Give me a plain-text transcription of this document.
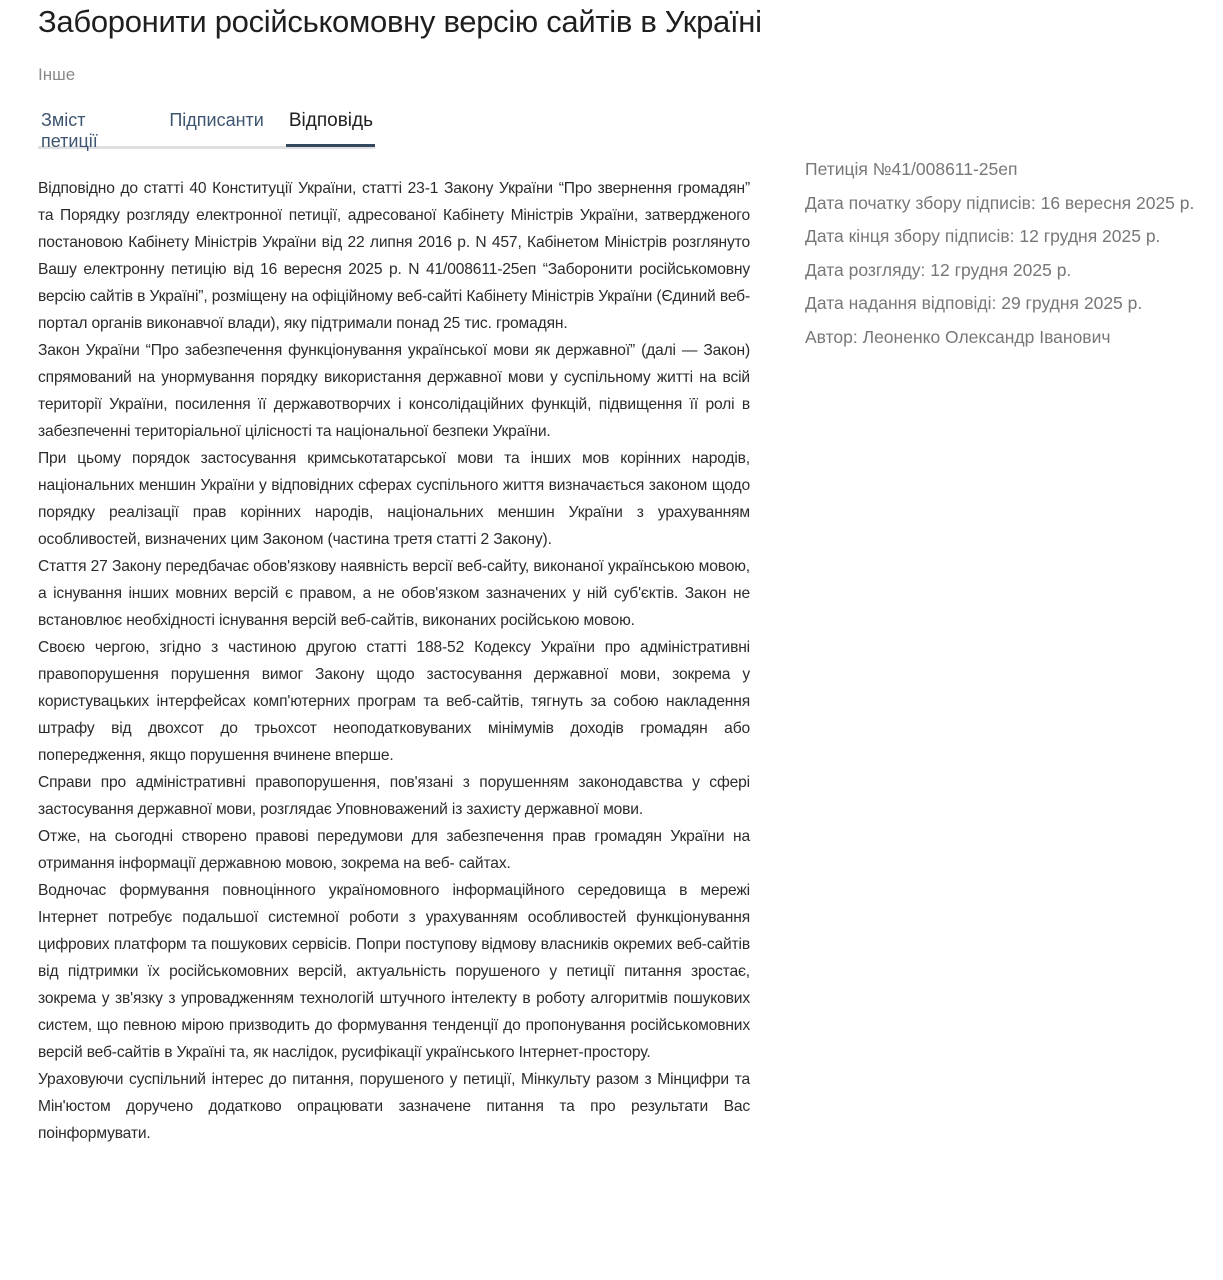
Заборонити російськомовну версію сайтів в Україні
Інше
Зміст петиції
Підписанти Відповідь

Відповідно до статті 40 Конституції України, статті 23-1 Закону України “Про звернення громадян” та Порядку розгляду електронної петиції, адресованої Кабінету Міністрів України, затвердженого постановою Кабінету Міністрів України від 22 липня 2016 р. N 457, Кабінетом Міністрів розглянуто Вашу електронну петицію від 16 вересня 2025 р. N 41/008611-25еп “Заборонити російськомовну версію сайтів в Україні”, розміщену на офіційному веб-сайті Кабінету Міністрів України (Єдиний веб-портал органів виконавчої влади), яку підтримали понад 25 тис. громадян.

Закон України “Про забезпечення функціонування української мови як державної” (далі — Закон) спрямований на унормування порядку використання державної мови у суспільному житті на всій території України, посилення її державотворчих і консолідаційних функцій, підвищення її ролі в забезпеченні територіальної цілісності та національної безпеки України.

При цьому порядок застосування кримськотатарської мови та інших мов корінних народів, національних меншин України у відповідних сферах суспільного життя визначається законом щодо порядку реалізації прав корінних народів, національних меншин України з урахуванням особливостей, визначених цим Законом (частина третя статті 2 Закону).

Стаття 27 Закону передбачає обов'язкову наявність версії веб-сайту, виконаної українською мовою, а існування інших мовних версій є правом, а не обов'язком зазначених у ній суб'єктів. Закон не встановлює необхідності існування версій веб-сайтів, виконаних російською мовою.

Своєю чергою, згідно з частиною другою статті 188-52 Кодексу України про адміністративні правопорушення порушення вимог Закону щодо застосування державної мови, зокрема у користувацьких інтерфейсах комп'ютерних програм та веб-сайтів, тягнуть за собою накладення штрафу від двохсот до трьохсот неоподатковуваних мінімумів доходів громадян або попередження, якщо порушення вчинене вперше.

Справи про адміністративні правопорушення, пов'язані з порушенням законодавства у сфері застосування державної мови, розглядає Уповноважений із захисту державної мови.

Отже, на сьогодні створено правові передумови для забезпечення прав громадян України на отримання інформації державною мовою, зокрема на веб- сайтах.

Водночас формування повноцінного україномовного інформаційного середовища в мережі Інтернет потребує подальшої системної роботи з урахуванням особливостей функціонування цифрових платформ та пошукових сервісів. Попри поступову відмову власників окремих веб-сайтів від підтримки їх російськомовних версій, актуальність порушеного у петиції питання зростає, зокрема у зв'язку з упровадженням технологій штучного інтелекту в роботу алгоритмів пошукових систем, що певною мірою призводить до формування тенденції до пропонування російськомовних версій веб-сайтів в Україні та, як наслідок, русифікації українського Інтернет-простору.

Ураховуючи суспільний інтерес до питання, порушеного у петиції, Мінкульту разом з Мінцифри та Мін'юстом доручено додатково опрацювати зазначене питання та про результати Вас поінформувати.

Петиція №41/008611-25еп
Дата початку збору підписів: 16 вересня 2025 р.
Дата кінця збору підписів: 12 грудня 2025 р.
Дата розгляду: 12 грудня 2025 р.
Дата надання відповіді: 29 грудня 2025 р.
Автор: Леоненко Олександр Іванович
